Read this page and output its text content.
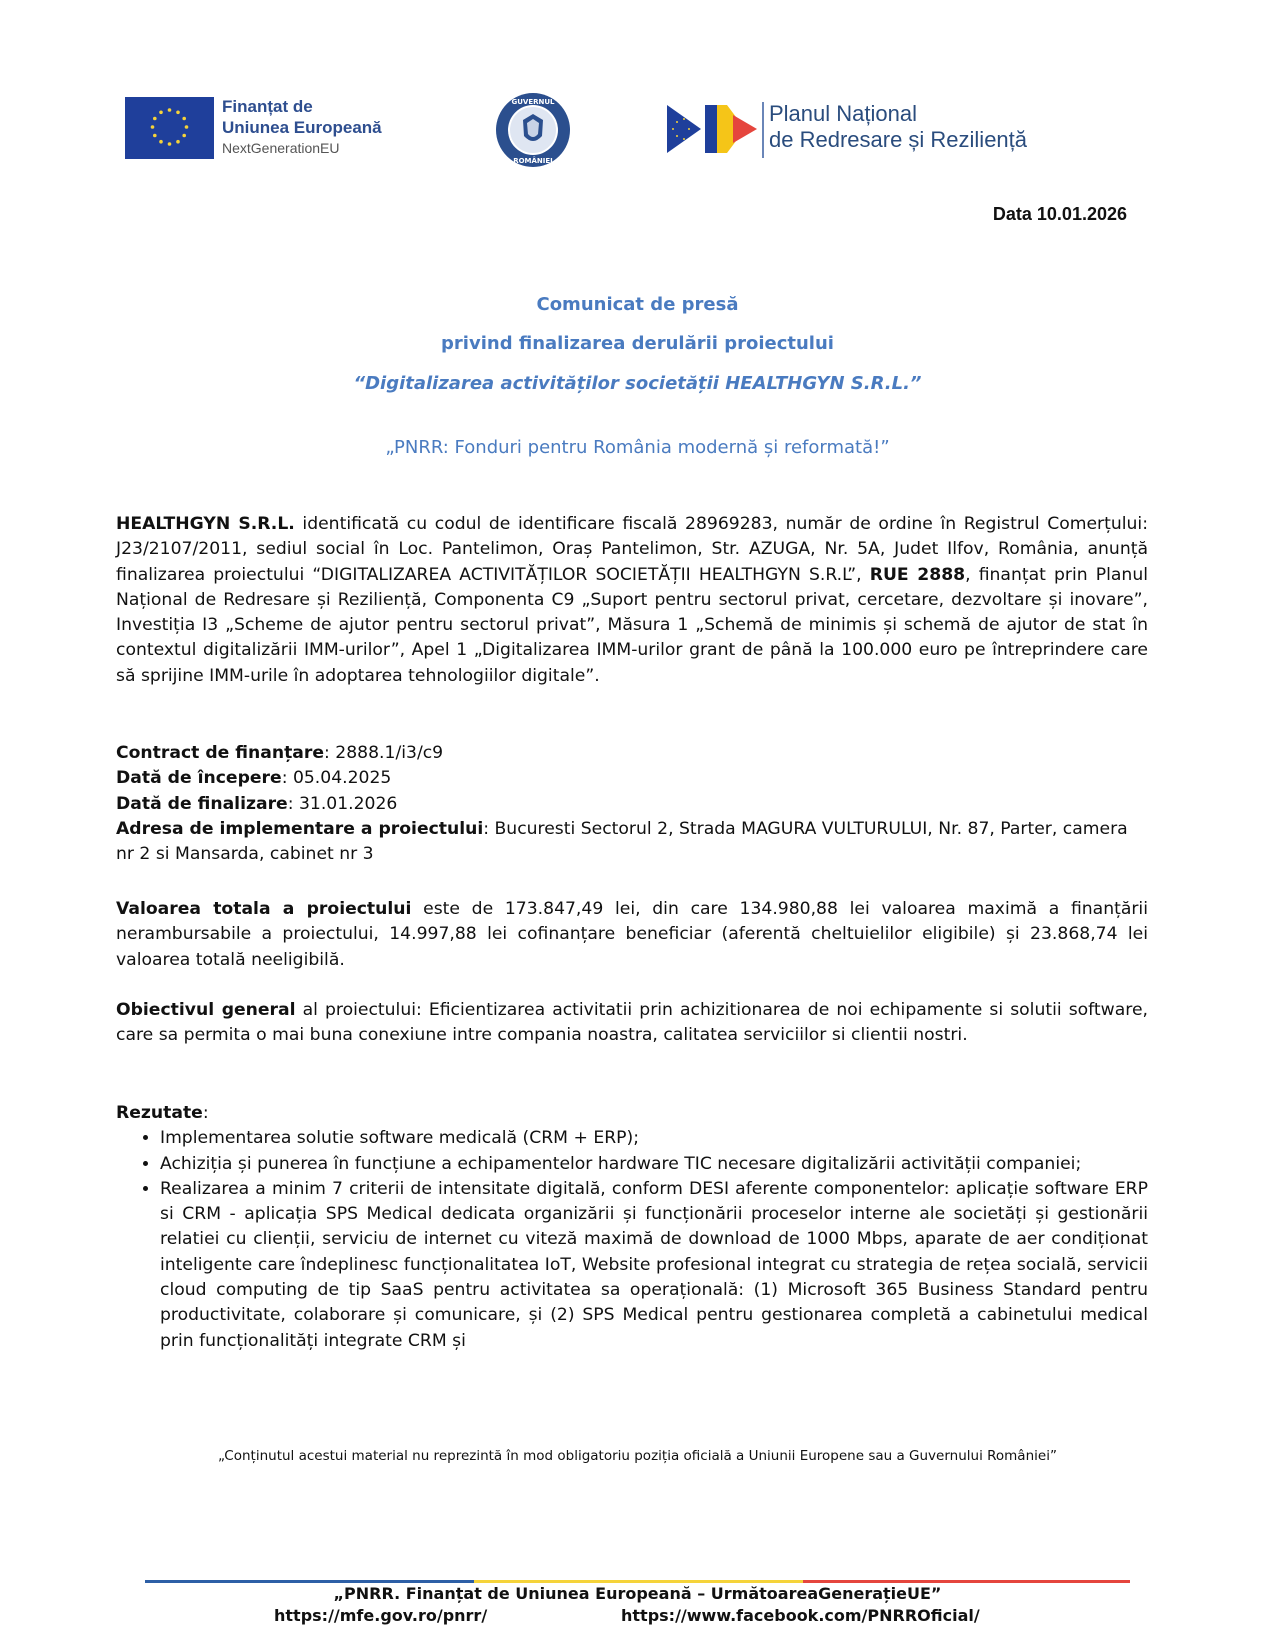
Finanțat de
Uniunea Europeană
NextGenerationEU
GUVERNUL
ROMÂNIEI
Planul Național
de Redresare și Reziliență
Data 10.01.2026
Comunicat de presă
privind finalizarea derulării proiectului
“Digitalizarea activităților societății HEALTHGYN S.R.L.”
„PNRR: Fonduri pentru România modernă și reformată!”
HEALTHGYN S.R.L. identificată cu codul de identificare fiscală 28969283, număr de ordine în Registrul Comerțului: J23/2107/2011, sediul social în Loc. Pantelimon, Oraș Pantelimon, Str. AZUGA, Nr. 5A, Judet Ilfov, România, anunță finalizarea proiectului “DIGITALIZAREA ACTIVITĂȚILOR SOCIETĂȚII HEALTHGYN S.R.L”, RUE 2888, finanțat prin Planul Național de Redresare și Reziliență, Componenta C9 „Suport pentru sectorul privat, cercetare, dezvoltare și inovare”, Investiția I3 „Scheme de ajutor pentru sectorul privat”, Măsura 1 „Schemă de minimis și schemă de ajutor de stat în contextul digitalizării IMM-urilor”, Apel 1 „Digitalizarea IMM-urilor grant de până la 100.000 euro pe întreprindere care să sprijine IMM-urile în adoptarea tehnologiilor digitale”.
Contract de finanțare: 2888.1/i3/c9
Dată de începere: 05.04.2025
Dată de finalizare: 31.01.2026
Adresa de implementare a proiectului: Bucuresti Sectorul 2, Strada MAGURA VULTURULUI, Nr. 87, Parter, camera nr 2 si Mansarda, cabinet nr 3
Valoarea totala a proiectului este de 173.847,49 lei, din care 134.980,88 lei valoarea maximă a finanțării nerambursabile a proiectului, 14.997,88 lei cofinanțare beneficiar (aferentă cheltuielilor eligibile) și 23.868,74 lei valoarea totală neeligibilă.
Obiectivul general al proiectului: Eficientizarea activitatii prin achizitionarea de noi echipamente si solutii software, care sa permita o mai buna conexiune intre compania noastra, calitatea serviciilor si clientii nostri.
Rezutate:
• Implementarea solutie software medicală (CRM + ERP);
• Achiziția și punerea în funcțiune a echipamentelor hardware TIC necesare digitalizării activității companiei;
• Realizarea a minim 7 criterii de intensitate digitală, conform DESI aferente componentelor: aplicație software ERP si CRM - aplicația SPS Medical dedicata organizării și funcționării proceselor interne ale societăți și gestionării relatiei cu clienții, serviciu de internet cu viteză maximă de download de 1000 Mbps, aparate de aer condiționat inteligente care îndeplinesc funcționalitatea IoT, Website profesional integrat cu strategia de rețea socială, servicii cloud computing de tip SaaS pentru activitatea sa operațională: (1) Microsoft 365 Business Standard pentru productivitate, colaborare și comunicare, și (2) SPS Medical pentru gestionarea completă a cabinetului medical prin funcționalități integrate CRM și
„Conținutul acestui material nu reprezintă în mod obligatoriu poziția oficială a Uniunii Europene sau a Guvernului României”
„PNRR. Finanțat de Uniunea Europeană – UrmătoareaGenerațieUE”
https://mfe.gov.ro/pnrr/	https://www.facebook.com/PNRROficial/
